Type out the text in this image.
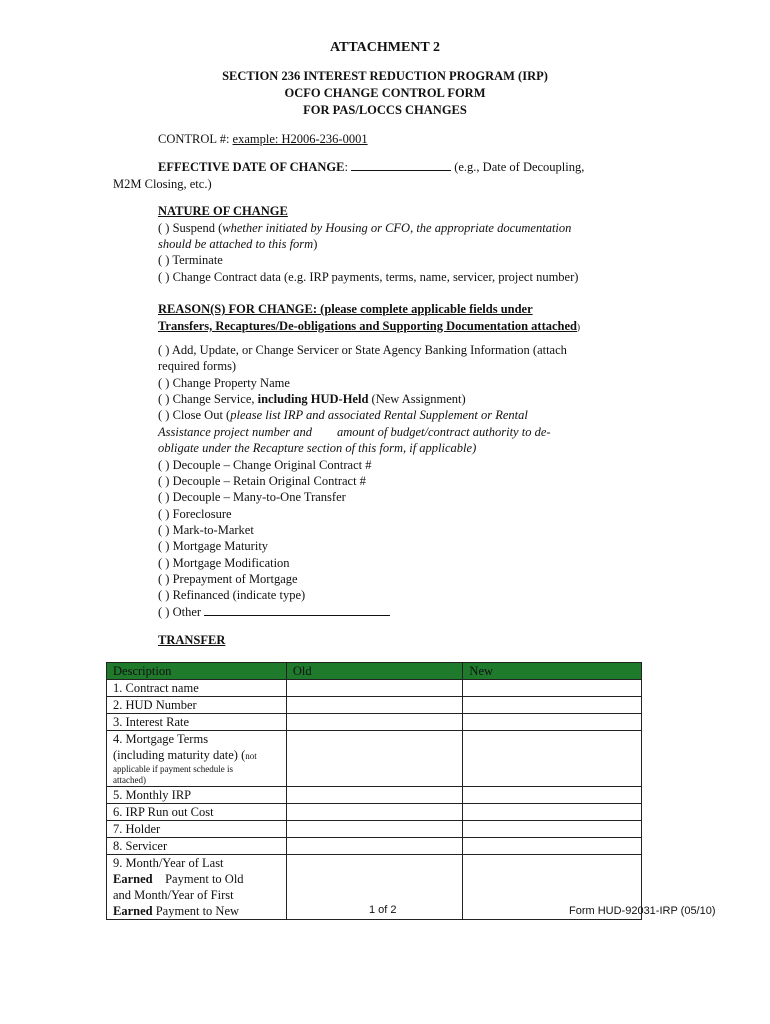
ATTACHMENT 2
SECTION 236 INTEREST REDUCTION PROGRAM (IRP)
OCFO CHANGE CONTROL FORM
FOR PAS/LOCCS CHANGES
CONTROL #: example: H2006-236-0001
EFFECTIVE DATE OF CHANGE:	(e.g., Date of Decoupling,
M2M Closing, etc.)
NATURE OF CHANGE
( ) Suspend (whether initiated by Housing or CFO, the appropriate documentation
should be attached to this form)
( ) Terminate
( ) Change Contract data (e.g. IRP payments, terms, name, servicer, project number)
REASON(S) FOR CHANGE: (please complete applicable fields under
Transfers, Recaptures/De-obligations and Supporting Documentation attached)
( ) Add, Update, or Change Servicer or State Agency Banking Information (attach
required forms)
( ) Change Property Name
( ) Change Service, including HUD-Held (New Assignment)
( ) Close Out (please list IRP and associated Rental Supplement or Rental
Assistance project number and        amount of budget/contract authority to de-
obligate under the Recapture section of this form, if applicable)
( ) Decouple – Change Original Contract #
( ) Decouple – Retain Original Contract #
( ) Decouple – Many-to-One Transfer
( ) Foreclosure
( ) Mark-to-Market
( ) Mortgage Maturity
( ) Mortgage Modification
( ) Prepayment of Mortgage
( ) Refinanced (indicate type)
( ) Other
TRANSFER
Description	Old	New
1. Contract name		
2. HUD Number		
3. Interest Rate		

4. Mortgage Terms
(including maturity date) (not
applicable if payment schedule is
attached)		

5. Monthly IRP		
6. IRP Run out Cost		
7. Holder		
8. Servicer		

9. Month/Year of Last
Earned    Payment to Old
and Month/Year of First
Earned Payment to New		
			1 of 2	Form HUD-92031-IRP (05/10)
